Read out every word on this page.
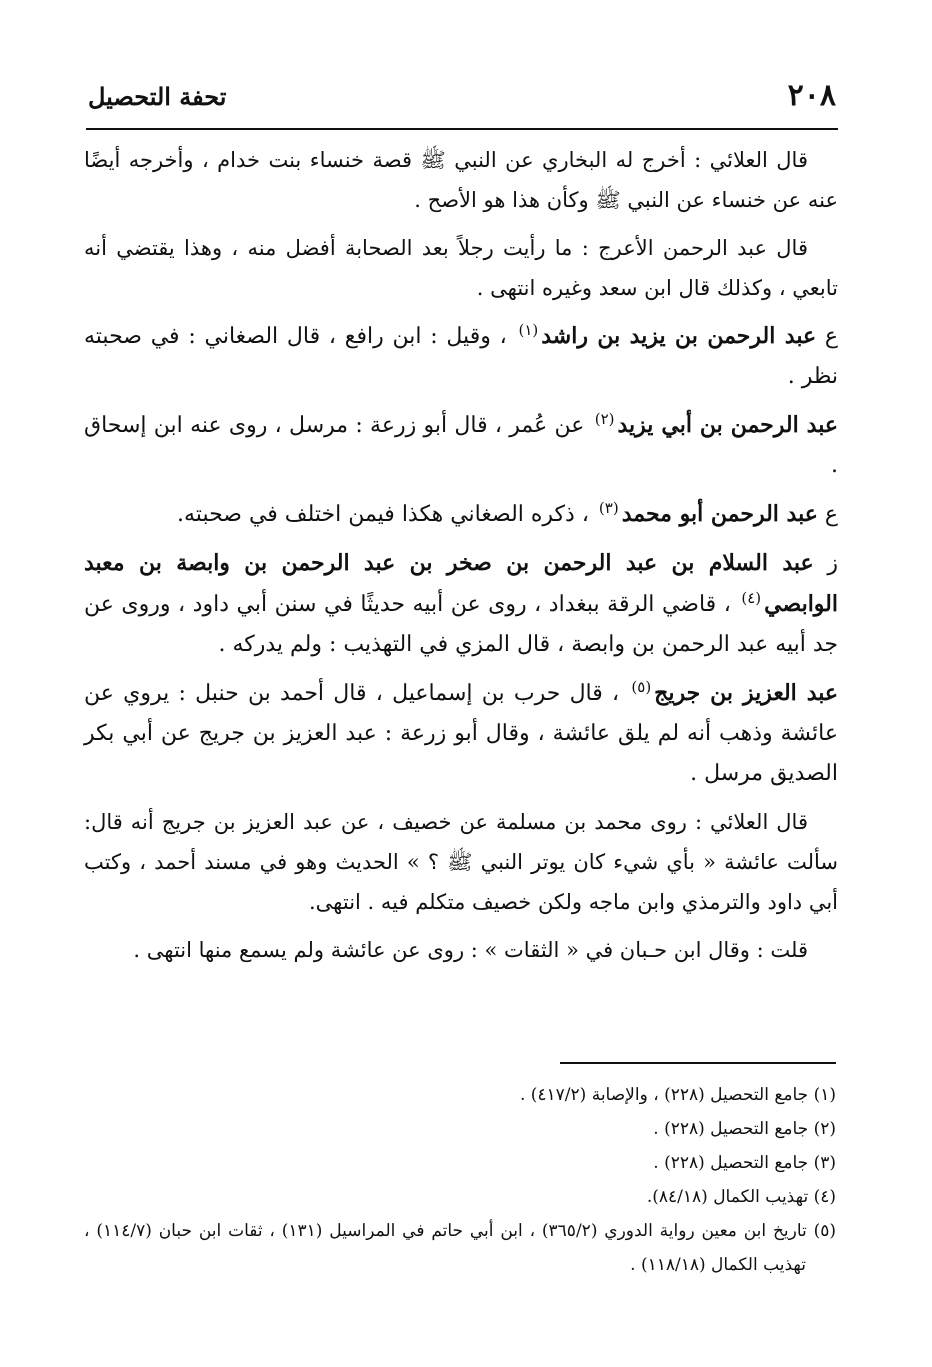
٢٠٨
تحفة التحصيل

قال العلائي : أخرج له البخاري عن النبي ﷺ قصة خنساء بنت خدام ، وأخرجه أيضًا عنه عن خنساء عن النبي ﷺ وكأن هذا هو الأصح .

قال عبد الرحمن الأعرج : ما رأيت رجلاً بعد الصحابة أفضل منه ، وهذا يقتضي أنه تابعي ، وكذلك قال ابن سعد وغيره انتهى .

ع عبد الرحمن بن يزيد بن راشد$^{(١)}$ ، وقيل : ابن رافع ، قال الصغاني : في صحبته نظر .

عبد الرحمن بن أبي يزيد$^{(٢)}$ عن عُمر ، قال أبو زرعة : مرسل ، روى عنه ابن إسحاق .

ع عبد الرحمن أبو محمد$^{(٣)}$ ، ذكره الصغاني هكذا فيمن اختلف في صحبته.

ز عبد السلام بن عبد الرحمن بن صخر بن عبد الرحمن بن وابصة بن معبد الوابصي$^{(٤)}$ ، قاضي الرقة ببغداد ، روى عن أبيه حديثًا في سنن أبي داود ، وروى عن جد أبيه عبد الرحمن بن وابصة ، قال المزي في التهذيب : ولم يدركه .

عبد العزيز بن جريج$^{(٥)}$ ، قال حرب بن إسماعيل ، قال أحمد بن حنبل : يروي عن عائشة وذهب أنه لم يلق عائشة ، وقال أبو زرعة : عبد العزيز بن جريج عن أبي بكر الصديق مرسل .

قال العلائي : روى محمد بن مسلمة عن خصيف ، عن عبد العزيز بن جريج أنه قال: سألت عائشة « بأي شيء كان يوتر النبي ﷺ ؟ » الحديث وهو في مسند أحمد ، وكتب أبي داود والترمذي وابن ماجه ولكن خصيف متكلم فيه . انتهى.

قلت : وقال ابن حـبان في « الثقات » : روى عن عائشة ولم يسمع منها انتهى .

(١) جامع التحصيل (٢٢٨) ، والإصابة (٤١٧/٢) .

(٢) جامع التحصيل (٢٢٨) .

(٣) جامع التحصيل (٢٢٨) .

(٤) تهذيب الكمال (٨٤/١٨).

(٥) تاريخ ابن معين رواية الدوري (٣٦٥/٢) ، ابن أبي حاتم في المراسيل (١٣١) ، ثقات ابن حبان (١١٤/٧) ، تهذيب الكمال (١١٨/١٨) .
